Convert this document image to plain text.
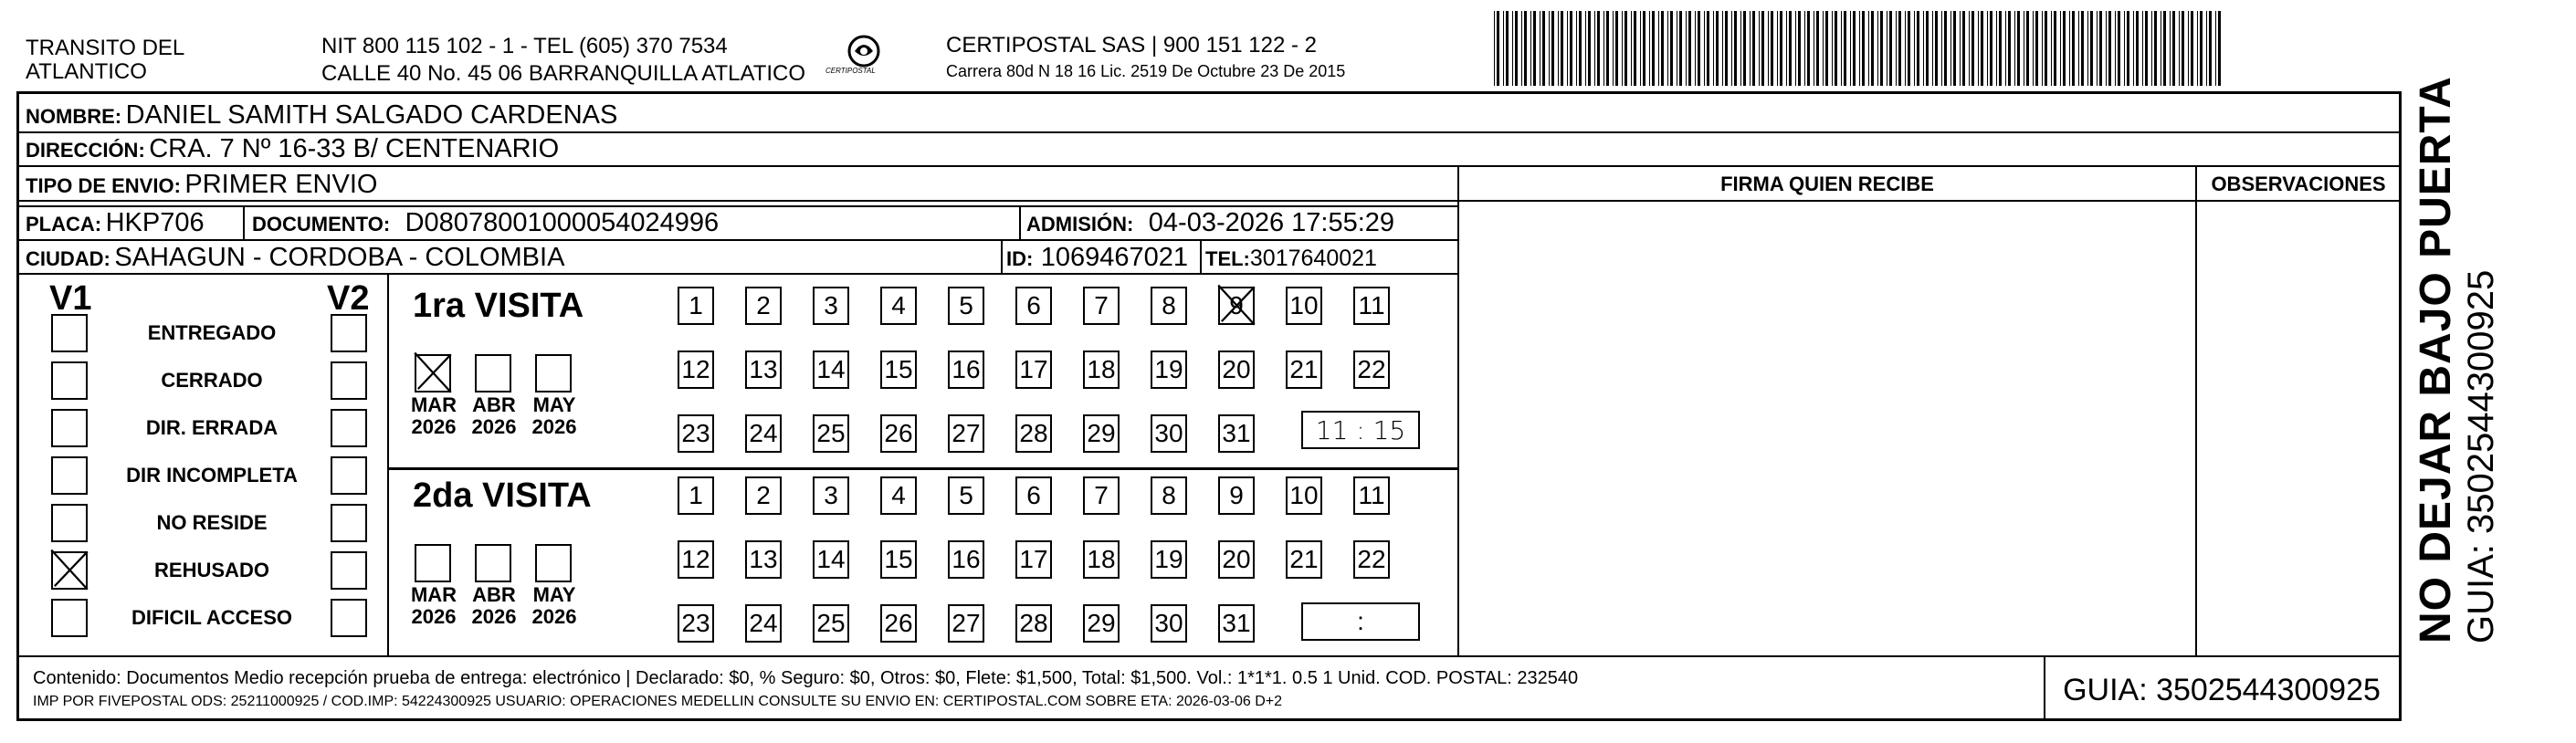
TRANSITO DEL
ATLANTICO
NIT 800 115 102 - 1 - TEL (605) 370 7534
CALLE 40 No. 45 06 BARRANQUILLA ATLATICO	CERTIPOSTAL
CERTIPOSTAL SAS | 900 151 122 - 2
Carrera 80d N 18 16 Lic. 2519 De Octubre 23 De 2015
NOMBRE: DANIEL SAMITH SALGADO CARDENAS
DIRECCIÓN: CRA. 7 Nº 16-33 B/ CENTENARIO
TIPO DE ENVIO: PRIMER ENVIO
PLACA: HKP706 DOCUMENTO: D08078001000054024996	ADMISIÓN: 04-03-2026 17:55:29
CIUDAD: SAHAGUN - CORDOBA - COLOMBIA	ID: 1069467021 TEL:3017640021
FIRMA QUIEN RECIBE	OBSERVACIONES
V1	V2
ENTREGADO
CERRADO
DIR. ERRADA
DIR INCOMPLETA
NO RESIDE
REHUSADO
DIFICIL ACCESO
1ra VISITA
2da VISITA
MAR
2026
ABR
2026
MAY
2026
MAR
2026
ABR
2026
MAY
2026
1	2	3	4	5	6	7	8	9	10 11
12 13 14 15 16 17 18 19 20 21 22
23 24 25 26 27 28 29 30 31
1	2	3	4	5	6	7	8	9	10 11
12 13 14 15 16 17 18 19 20 21 22
23 24 25 26 27 28 29 30 31
11 : 15
:
Contenido: Documentos Medio recepción prueba de entrega: electrónico | Declarado: $0, % Seguro: $0, Otros: $0, Flete: $1,500, Total: $1,500. Vol.: 1*1*1. 0.5 1 Unid. COD. POSTAL: 232540
IMP POR FIVEPOSTAL ODS: 25211000925 / COD.IMP: 54224300925 USUARIO: OPERACIONES MEDELLIN CONSULTE SU ENVIO EN: CERTIPOSTAL.COM SOBRE ETA: 2026-03-06 D+2	GUIA: 3502544300925
NO DEJAR BAJO PUERTA GUIA: 3502544300925
